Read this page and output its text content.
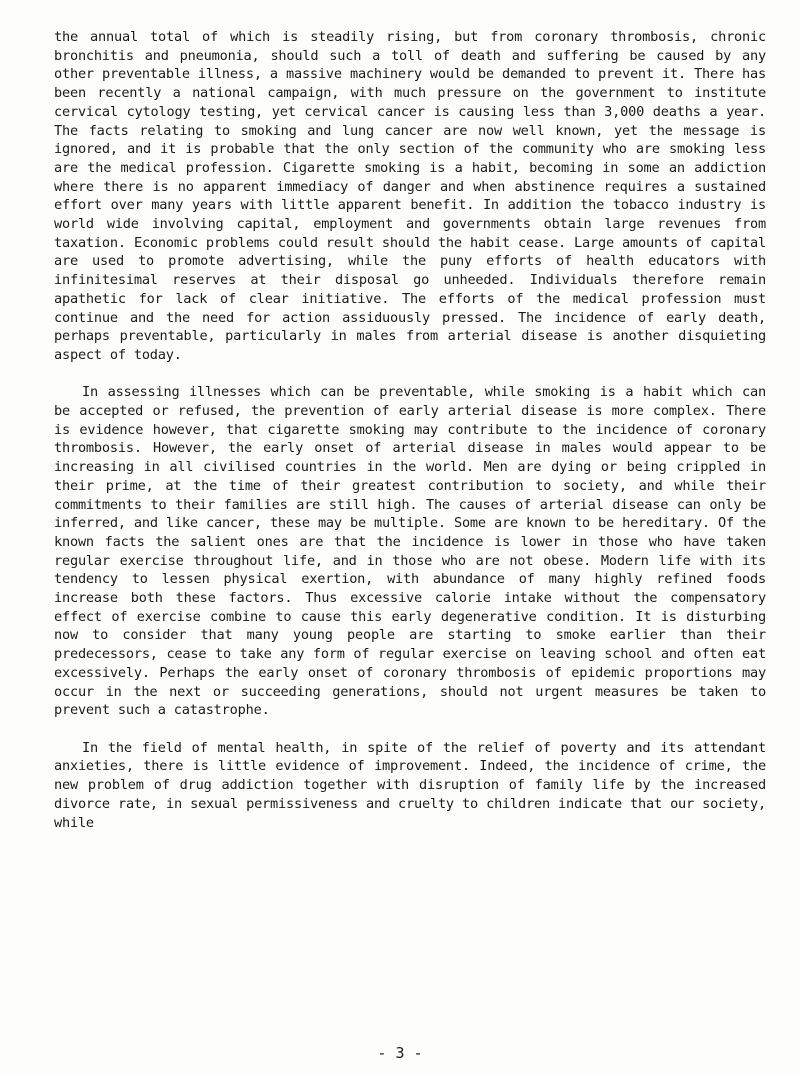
the annual total of which is steadily rising, but from coronary thrombosis, chronic bronchitis and pneumonia, should such a toll of death and suffering be caused by any other preventable illness, a massive machinery would be demanded to prevent it. There has been recently a national campaign, with much pressure on the government to institute cervical cytology testing, yet cervical cancer is causing less than 3,000 deaths a year. The facts relating to smoking and lung cancer are now well known, yet the message is ignored, and it is probable that the only section of the community who are smoking less are the medical profession. Cigarette smoking is a habit, becoming in some an addiction where there is no apparent immediacy of danger and when abstinence requires a sustained effort over many years with little apparent benefit. In addition the tobacco industry is world wide involving capital, employment and governments obtain large revenues from taxation. Economic problems could result should the habit cease. Large amounts of capital are used to promote advertising, while the puny efforts of health educators with infinitesimal reserves at their disposal go unheeded. Individuals therefore remain apathetic for lack of clear initiative. The efforts of the medical profession must continue and the need for action assiduously pressed. The incidence of early death, perhaps preventable, particularly in males from arterial disease is another disquieting aspect of today.

In assessing illnesses which can be preventable, while smoking is a habit which can be accepted or refused, the prevention of early arterial disease is more complex. There is evidence however, that cigarette smoking may contribute to the incidence of coronary thrombosis. However, the early onset of arterial disease in males would appear to be increasing in all civilised countries in the world. Men are dying or being crippled in their prime, at the time of their greatest contribution to society, and while their commitments to their families are still high. The causes of arterial disease can only be inferred, and like cancer, these may be multiple. Some are known to be hereditary. Of the known facts the salient ones are that the incidence is lower in those who have taken regular exercise throughout life, and in those who are not obese. Modern life with its tendency to lessen physical exertion, with abundance of many highly refined foods increase both these factors. Thus excessive calorie intake without the compensatory effect of exercise combine to cause this early degenerative condition. It is disturbing now to consider that many young people are starting to smoke earlier than their predecessors, cease to take any form of regular exercise on leaving school and often eat excessively. Perhaps the early onset of coronary thrombosis of epidemic proportions may occur in the next or succeeding generations, should not urgent measures be taken to prevent such a catastrophe.

In the field of mental health, in spite of the relief of poverty and its attendant anxieties, there is little evidence of improvement. Indeed, the incidence of crime, the new problem of drug addiction together with disruption of family life by the increased divorce rate, in sexual permissiveness and cruelty to children indicate that our society, while

- 3 -
